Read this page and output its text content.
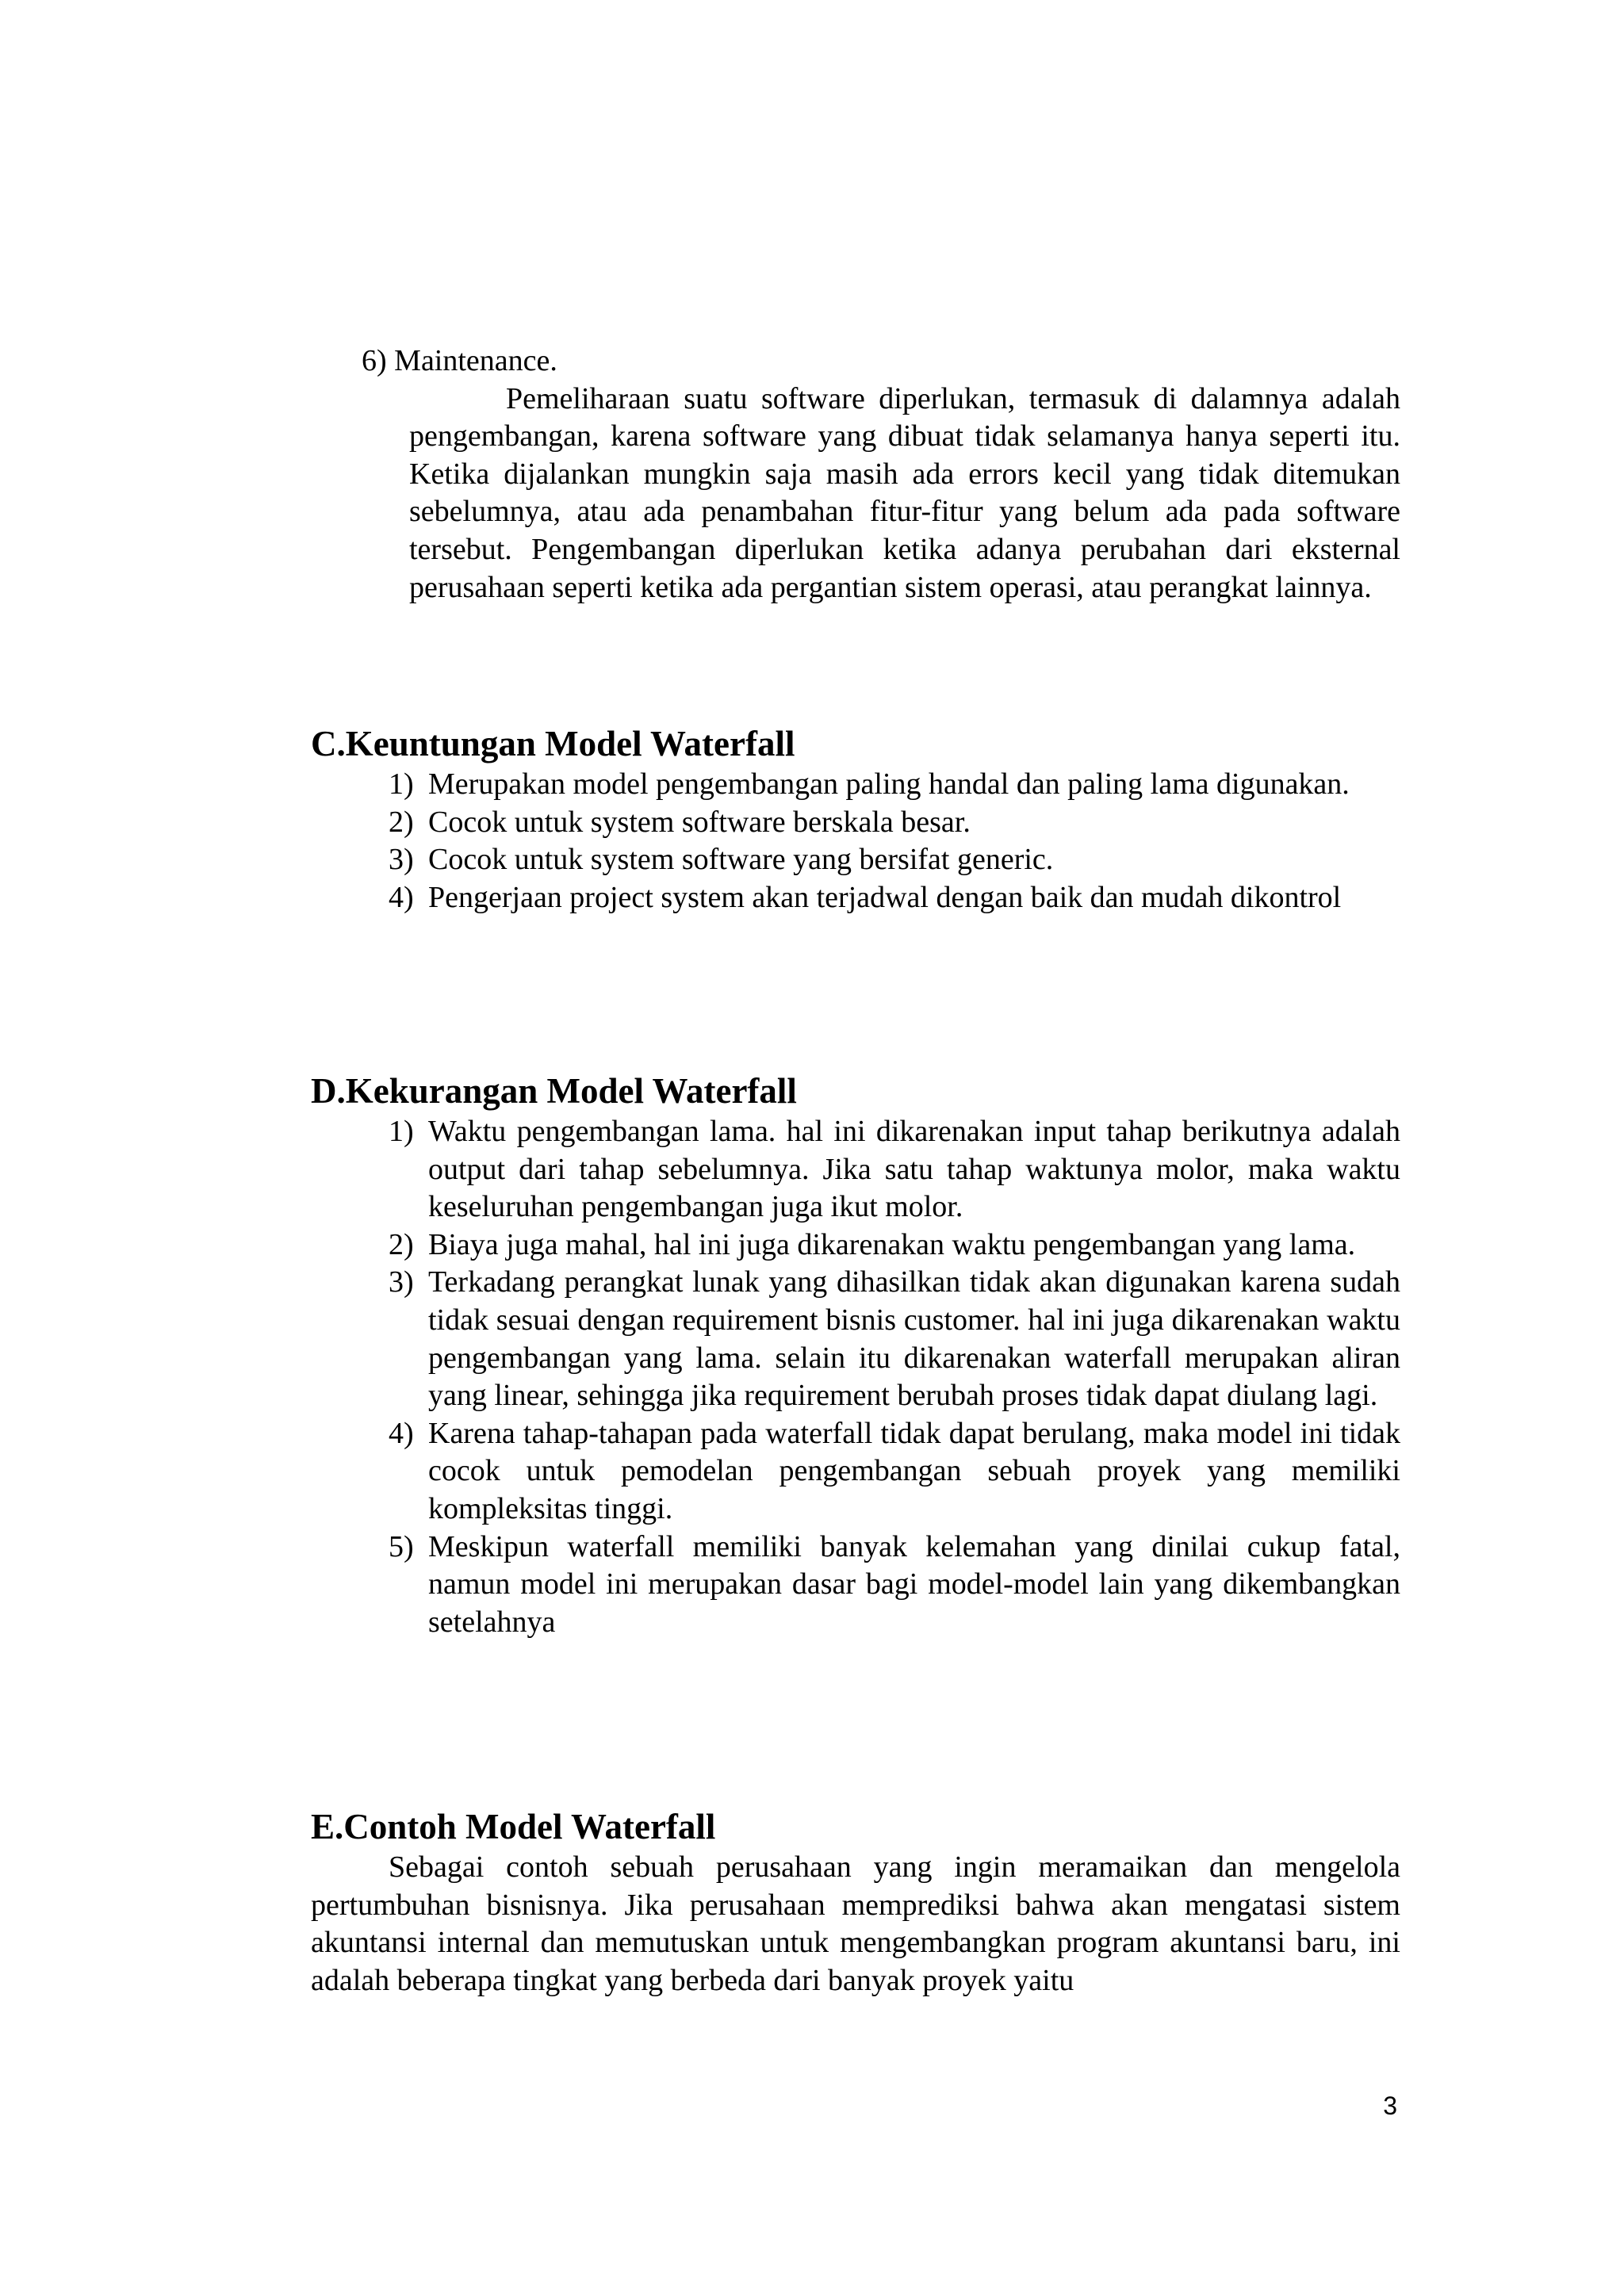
6) Maintenance.
Pemeliharaan suatu software diperlukan, termasuk di dalamnya adalah pengembangan, karena software yang dibuat tidak selamanya hanya seperti itu. Ketika dijalankan mungkin saja masih ada errors kecil yang tidak ditemukan sebelumnya, atau ada penambahan fitur-fitur yang belum ada pada software tersebut. Pengembangan diperlukan ketika adanya perubahan dari eksternal perusahaan seperti ketika ada pergantian sistem operasi, atau perangkat lainnya.
C.Keuntungan Model Waterfall
1) Merupakan model pengembangan paling handal dan paling lama digunakan.
2) Cocok untuk system software berskala besar.
3) Cocok untuk system software yang bersifat generic.
4) Pengerjaan project system akan terjadwal dengan baik dan mudah dikontrol
D.Kekurangan Model Waterfall
1) Waktu pengembangan lama. hal ini dikarenakan input tahap berikutnya adalah output dari tahap sebelumnya. Jika satu tahap waktunya molor, maka waktu keseluruhan pengembangan juga ikut molor.
2) Biaya juga mahal, hal ini juga dikarenakan waktu pengembangan yang lama.
3) Terkadang perangkat lunak yang dihasilkan tidak akan digunakan karena sudah tidak sesuai dengan requirement bisnis customer. hal ini juga dikarenakan waktu pengembangan yang lama. selain itu dikarenakan waterfall merupakan aliran yang linear, sehingga jika requirement berubah proses tidak dapat diulang lagi.
4) Karena tahap-tahapan pada waterfall tidak dapat berulang, maka model ini tidak cocok untuk pemodelan pengembangan sebuah proyek yang memiliki kompleksitas tinggi.
5) Meskipun waterfall memiliki banyak kelemahan yang dinilai cukup fatal, namun model ini merupakan dasar bagi model-model lain yang dikembangkan setelahnya
E.Contoh Model Waterfall

Sebagai contoh sebuah perusahaan yang ingin meramaikan dan mengelola pertumbuhan bisnisnya. Jika perusahaan memprediksi bahwa akan mengatasi sistem akuntansi internal dan memutuskan untuk mengembangkan program akuntansi baru, ini adalah beberapa tingkat yang berbeda dari banyak proyek yaitu

3
